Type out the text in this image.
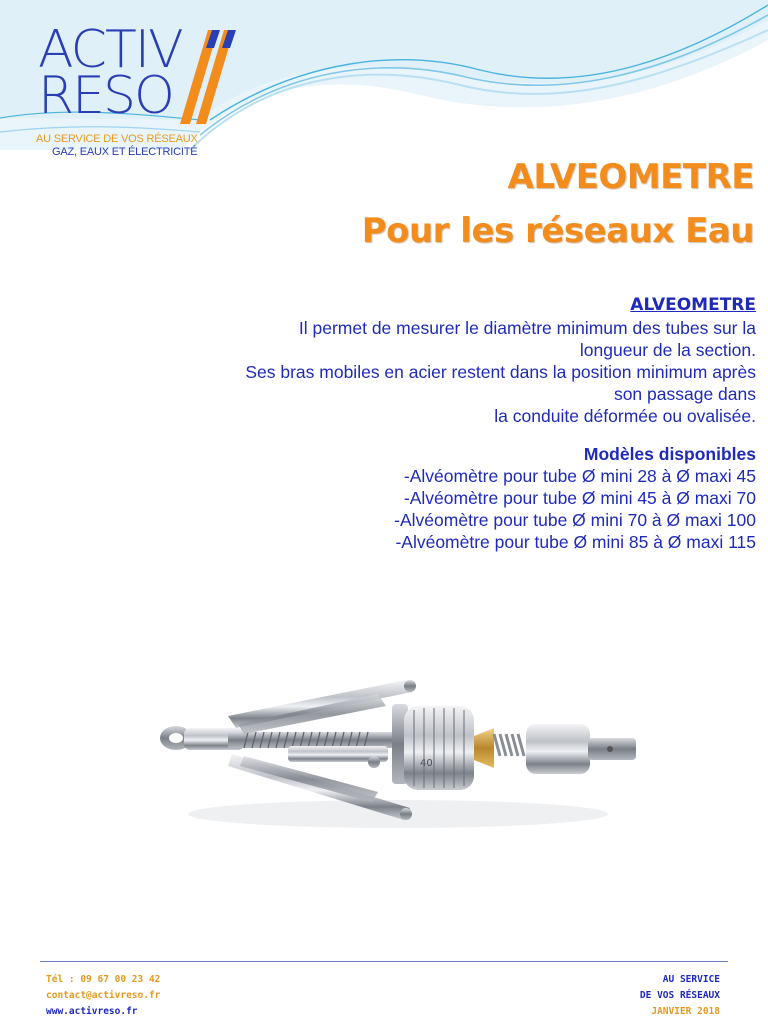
ACTIV
RESO
AU SERVICE DE VOS RÉSEAUX
GAZ, EAUX ET ÉLECTRICITÉ
ALVEOMETRE
Pour les réseaux Eau
ALVEOMETRE

Il permet de mesurer le diamètre minimum des tubes sur la

longueur de la section.

Ses bras mobiles en acier restent dans la position minimum après

son passage dans

la conduite déformée ou ovalisée.

Modèles disponibles

-Alvéomètre pour tube Ø mini 28 à Ø maxi 45

-Alvéomètre pour tube Ø mini 45 à Ø maxi 70

-Alvéomètre pour tube Ø mini 70 à Ø maxi 100

-Alvéomètre pour tube Ø mini 85 à Ø maxi 115

40
Tél : 09 67 00 23 42
contact@activreso.fr
www.activreso.fr
AU SERVICE
DE VOS RÉSEAUX
JANVIER 2018
